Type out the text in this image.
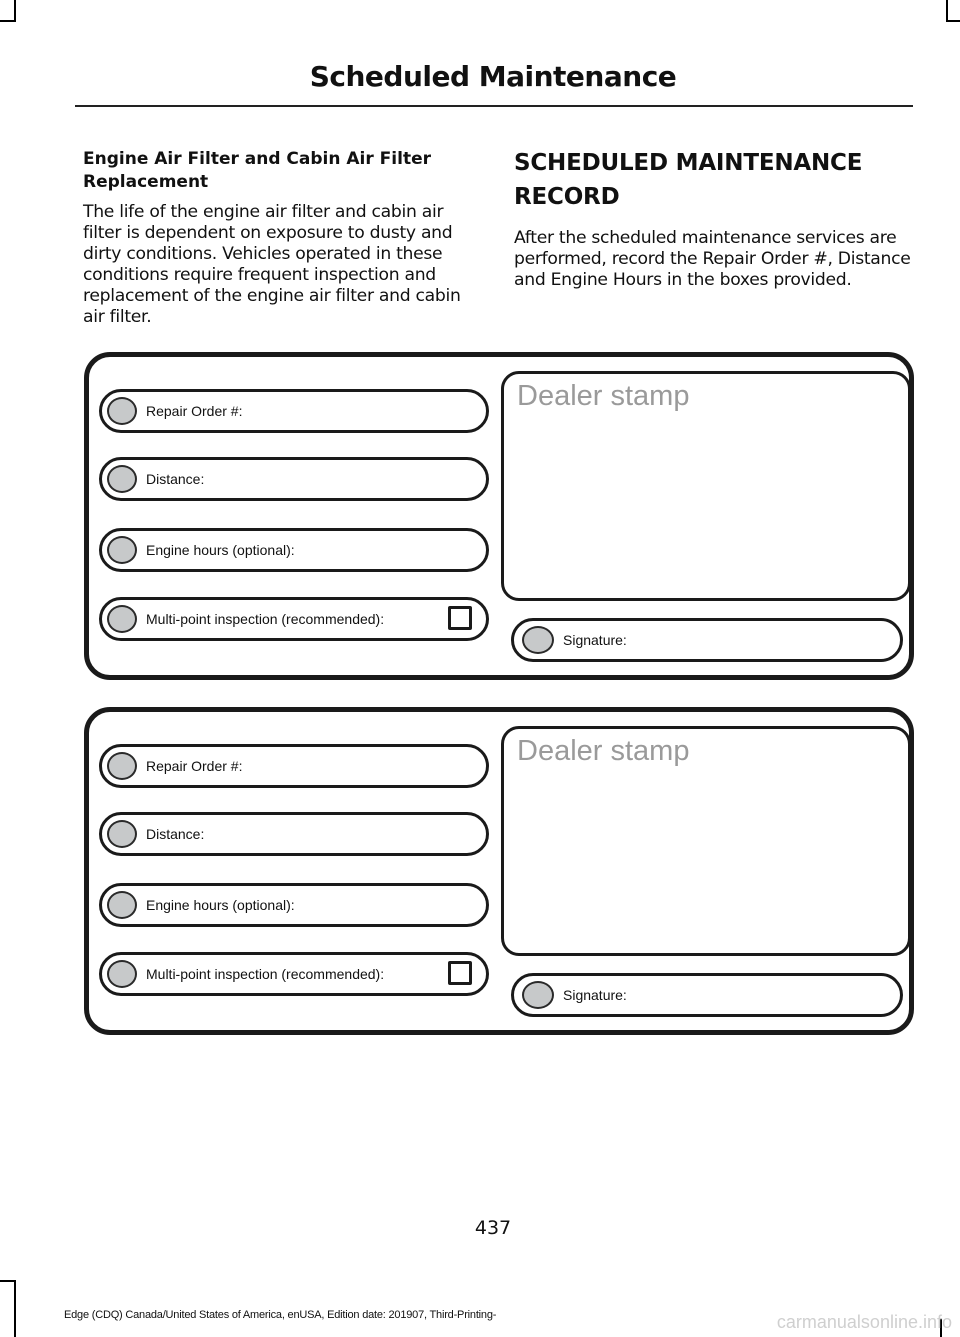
Scheduled Maintenance

Engine Air Filter and Cabin Air Filter Replacement

The life of the engine air filter and cabin air filter is dependent on exposure to dusty and dirty conditions. Vehicles operated in these conditions require frequent inspection and replacement of the engine air filter and cabin air filter.

SCHEDULED MAINTENANCE RECORD

After the scheduled maintenance services are performed, record the Repair Order #, Distance and Engine Hours in the boxes provided.

Repair Order #:
Distance:
Engine hours (optional):
Multi-point inspection (recommended):
Dealer stamp
Signature:
Repair Order #:
Distance:
Engine hours (optional):
Multi-point inspection (recommended):
Dealer stamp
Signature:
437
Edge (CDQ) Canada/United States of America, enUSA, Edition date: 201907, Third-Printing-	carmanualsonline.info
